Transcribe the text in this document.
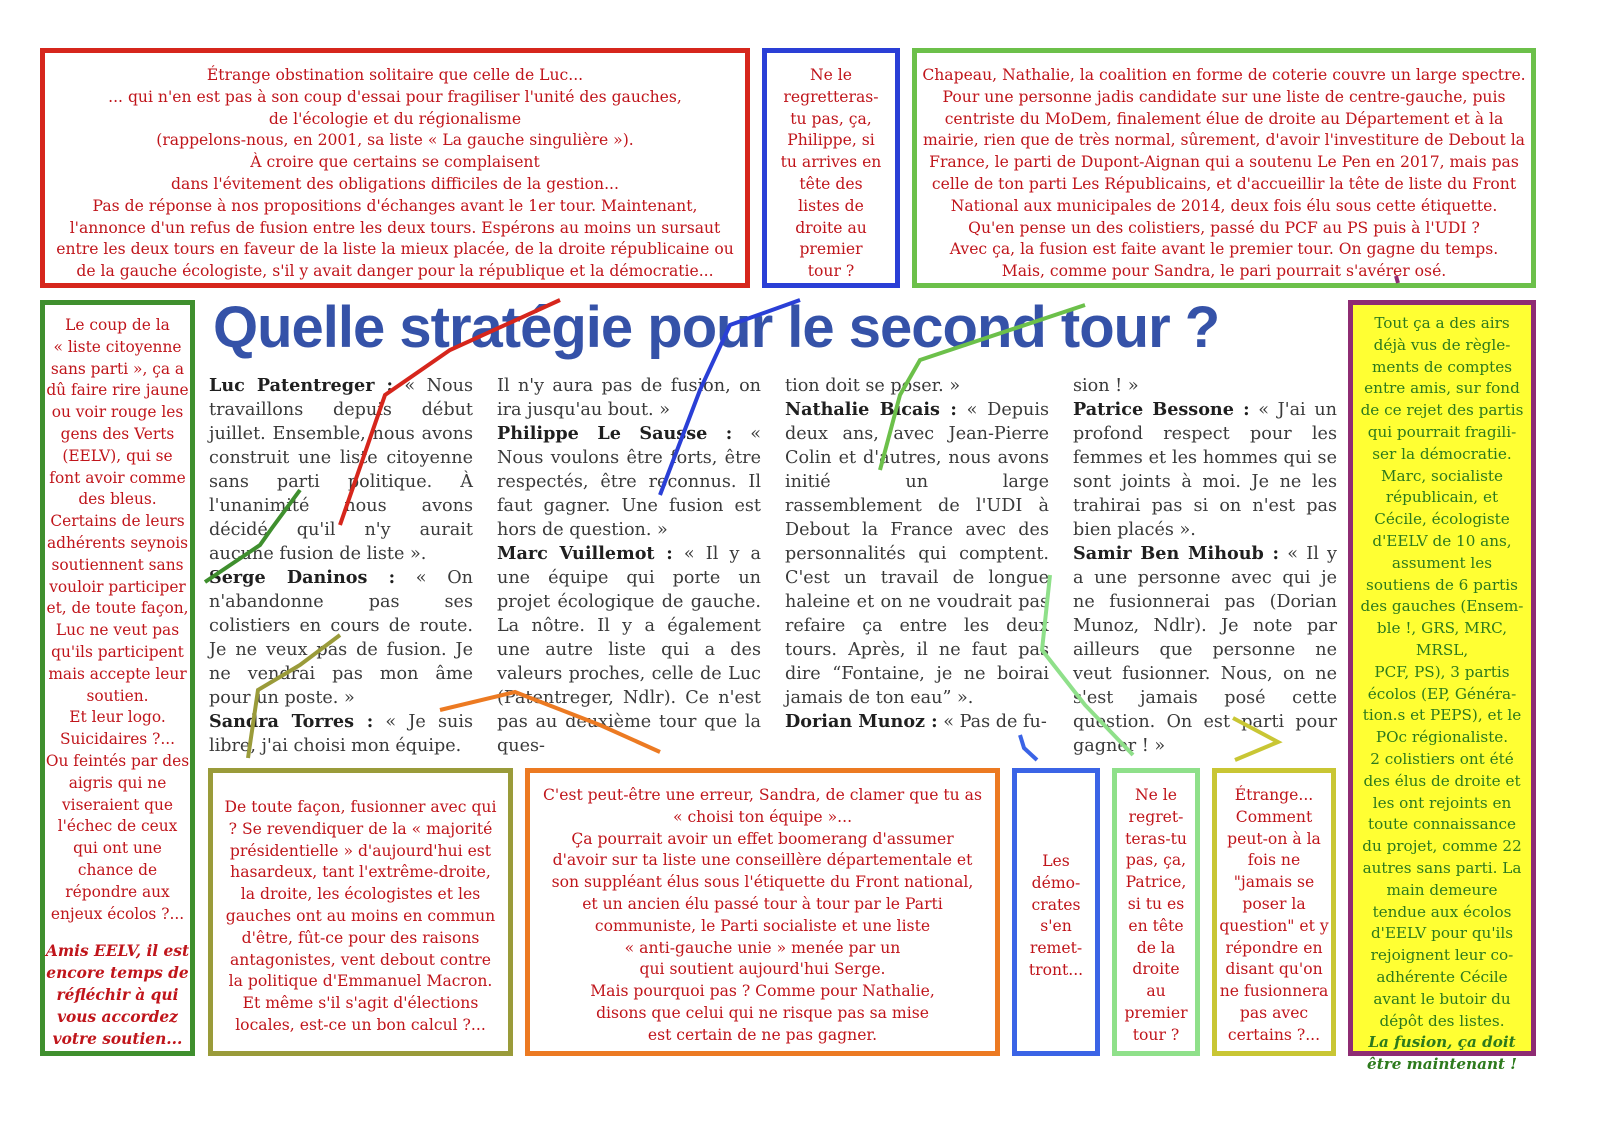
Quelle stratégie pour le second tour ?

Luc Patentreger : « Nous travaillons depuis début juillet. Ensemble, nous avons construit une liste citoyenne sans parti politique. À l'unanimité nous avons décidé qu'il n'y aurait aucune fusion de liste ».

Serge Daninos : « On n'abandonne pas ses colistiers en cours de route. Je ne veux pas de fusion. Je ne vendrai pas mon âme pour un poste. »

Sandra Torres : « Je suis libre, j'ai choisi mon équipe.

Il n'y aura pas de fusion, on ira jusqu'au bout. »

Philippe Le Sausse : « Nous voulons être forts, être respectés, être reconnus. Il faut gagner. Une fusion est hors de question. »

Marc Vuillemot : « Il y a une équipe qui porte un projet écologique de gauche. La nôtre. Il y a également une autre liste qui a des valeurs proches, celle de Luc (Patentreger, Ndlr). Ce n'est pas au deuxième tour que la ques-

tion doit se poser. »

Nathalie Bicais : « Depuis deux ans, avec Jean-Pierre Colin et d'autres, nous avons initié un large rassemblement de l'UDI à Debout la France avec des personnalités qui comptent. C'est un travail de longue haleine et on ne voudrait pas refaire ça entre les deux tours. Après, il ne faut pas dire “Fontaine, je ne boirai jamais de ton eau” ».

Dorian Munoz : « Pas de fu-

sion ! »

Patrice Bessone : « J'ai un profond respect pour les femmes et les hommes qui se sont joints à moi. Je ne les trahirai pas si on n'est pas bien placés ».

Samir Ben Mihoub : « Il y a une personne avec qui je ne fusionnerai pas (Dorian Munoz, Ndlr). Je note par ailleurs que personne ne veut fusionner. Nous, on ne s'est jamais posé cette question. On est parti pour gagner ! »

Étrange obstination solitaire que celle de Luc...
... qui n'en est pas à son coup d'essai pour fragiliser l'unité des gauches,
de l'écologie et du régionalisme
(rappelons-nous, en 2001, sa liste « La gauche singulière »).
À croire que certains se complaisent
dans l'évitement des obligations difficiles de la gestion...
Pas de réponse à nos propositions d'échanges avant le 1er tour. Maintenant,
l'annonce d'un refus de fusion entre les deux tours. Espérons au moins un sursaut
entre les deux tours en faveur de la liste la mieux placée, de la droite républicaine ou
de la gauche écologiste, s'il y avait danger pour la république et la démocratie...
Ne le
regretteras-
tu pas, ça,
Philippe, si
tu arrives en
tête des
listes de
droite au
premier
tour ?
Chapeau, Nathalie, la coalition en forme de coterie couvre un large spectre.
Pour une personne jadis candidate sur une liste de centre-gauche, puis
centriste du MoDem, finalement élue de droite au Département et à la
mairie, rien que de très normal, sûrement, d'avoir l'investiture de Debout la
France, le parti de Dupont-Aignan qui a soutenu Le Pen en 2017, mais pas
celle de ton parti Les Républicains, et d'accueillir la tête de liste du Front
National aux municipales de 2014, deux fois élu sous cette étiquette.
Qu'en pense un des colistiers, passé du PCF au PS puis à l'UDI ?
Avec ça, la fusion est faite avant le premier tour. On gagne du temps.
Mais, comme pour Sandra, le pari pourrait s'avérer osé.
Le coup de la
« liste citoyenne
sans parti », ça a
dû faire rire jaune
ou voir rouge les
gens des Verts
(EELV), qui se
font avoir comme
des bleus.
Certains de leurs
adhérents seynois
soutiennent sans
vouloir participer
et, de toute façon,
Luc ne veut pas
qu'ils participent
mais accepte leur
soutien.
Et leur logo.
Suicidaires ?...
Ou feintés par des
aigris qui ne
viseraient que
l'échec de ceux
qui ont une
chance de
répondre aux
enjeux écolos ?...
Amis EELV, il est
encore temps de
réfléchir à qui
vous accordez
votre soutien...
De toute façon, fusionner avec qui
? Se revendiquer de la « majorité
présidentielle » d'aujourd'hui est
hasardeux, tant l'extrême-droite,
la droite, les écologistes et les
gauches ont au moins en commun
d'être, fût-ce pour des raisons
antagonistes, vent debout contre
la politique d'Emmanuel Macron.
Et même s'il s'agit d'élections
locales, est-ce un bon calcul ?...
C'est peut-être une erreur, Sandra, de clamer que tu as
« choisi ton équipe »...
Ça pourrait avoir un effet boomerang d'assumer
d'avoir sur ta liste une conseillère départementale et
son suppléant élus sous l'étiquette du Front national,
et un ancien élu passé tour à tour par le Parti
communiste, le Parti socialiste et une liste
« anti-gauche unie » menée par un
qui soutient aujourd'hui Serge.
Mais pourquoi pas ? Comme pour Nathalie,
disons que celui qui ne risque pas sa mise
est certain de ne pas gagner.
Les
démo-
crates
s'en
remet-
tront...
Ne le
regret-
teras-tu
pas, ça,
Patrice,
si tu es
en tête
de la
droite
au
premier
tour ?
Étrange...
Comment
peut-on à la
fois ne
"jamais se
poser la
question" et y
répondre en
disant qu'on
ne fusionnera
pas avec
certains ?...
Tout ça a des airs
déjà vus de règle-
ments de comptes
entre amis, sur fond
de ce rejet des partis
qui pourrait fragili-
ser la démocratie.
Marc, socialiste
républicain, et
Cécile, écologiste
d'EELV de 10 ans,
assument les
soutiens de 6 partis
des gauches (Ensem-
ble !, GRS, MRC, MRSL,
PCF, PS), 3 partis
écolos (EP, Généra-
tion.s et PEPS), et le
POc régionaliste.
2 colistiers ont été
des élus de droite et
les ont rejoints en
toute connaissance
du projet, comme 22
autres sans parti. La
main demeure
tendue aux écolos
d'EELV pour qu'ils
rejoignent leur co-
adhérente Cécile
avant le butoir du
dépôt des listes.
La fusion, ça doit
être maintenant !
